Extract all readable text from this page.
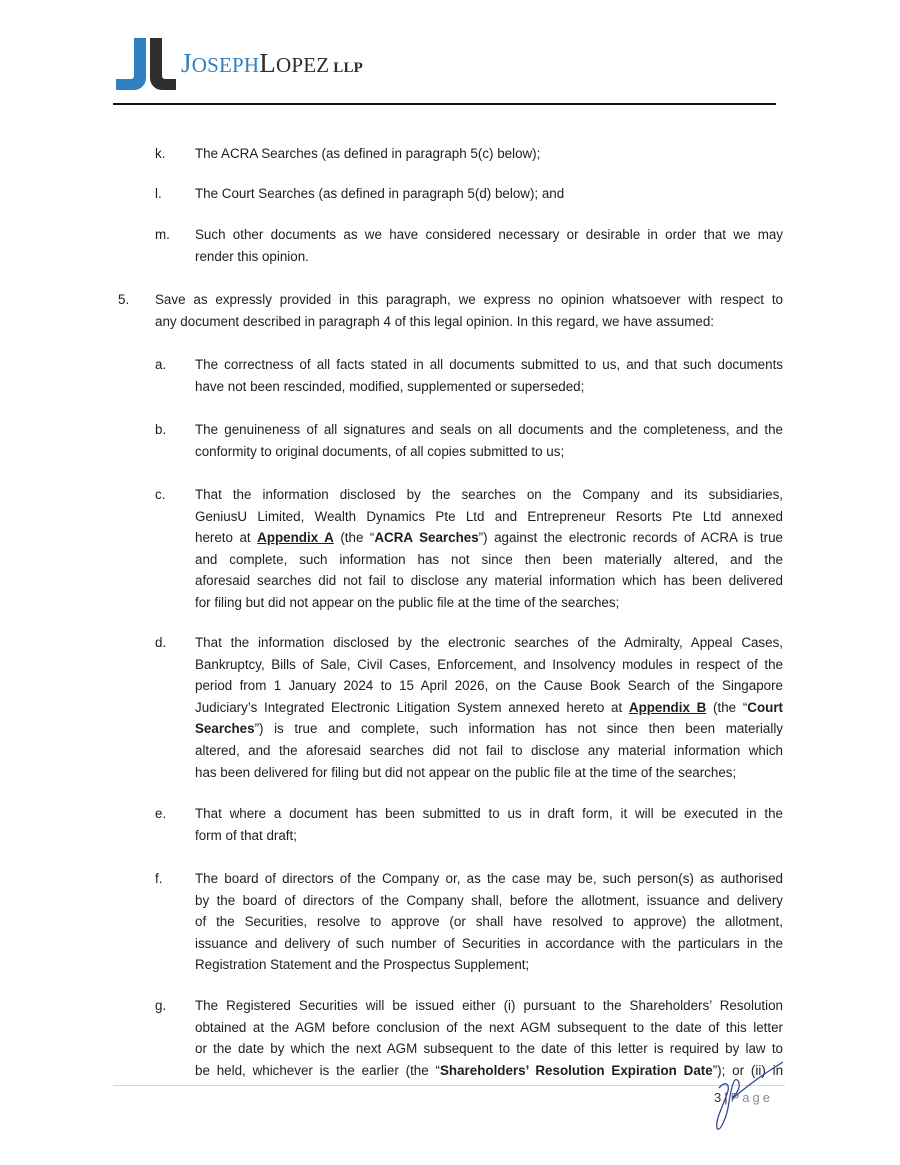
JOSEPHLOPEZ LLP
k. The ACRA Searches (as defined in paragraph 5(c) below);
l. The Court Searches (as defined in paragraph 5(d) below); and
m. Such other documents as we have considered necessary or desirable in order that we may
render this opinion.
5. Save as expressly provided in this paragraph, we express no opinion whatsoever with respect to
any document described in paragraph 4 of this legal opinion. In this regard, we have assumed:
a. The correctness of all facts stated in all documents submitted to us, and that such documents
have not been rescinded, modified, supplemented or superseded;
b. The genuineness of all signatures and seals on all documents and the completeness, and the
conformity to original documents, of all copies submitted to us;
c. That the information disclosed by the searches on the Company and its subsidiaries,
GeniusU Limited, Wealth Dynamics Pte Ltd and Entrepreneur Resorts Pte Ltd annexed
hereto at Appendix A (the “ACRA Searches”) against the electronic records of ACRA is true
and complete, such information has not since then been materially altered, and the
aforesaid searches did not fail to disclose any material information which has been delivered
for filing but did not appear on the public file at the time of the searches;
d. That the information disclosed by the electronic searches of the Admiralty, Appeal Cases,
Bankruptcy, Bills of Sale, Civil Cases, Enforcement, and Insolvency modules in respect of the
period from 1 January 2024 to 15 April 2026, on the Cause Book Search of the Singapore
Judiciary’s Integrated Electronic Litigation System annexed hereto at Appendix B (the “Court
Searches”) is true and complete, such information has not since then been materially
altered, and the aforesaid searches did not fail to disclose any material information which
has been delivered for filing but did not appear on the public file at the time of the searches;
e. That where a document has been submitted to us in draft form, it will be executed in the
form of that draft;
f. The board of directors of the Company or, as the case may be, such person(s) as authorised
by the board of directors of the Company shall, before the allotment, issuance and delivery
of the Securities, resolve to approve (or shall have resolved to approve) the allotment,
issuance and delivery of such number of Securities in accordance with the particulars in the
Registration Statement and the Prospectus Supplement;
g. The Registered Securities will be issued either (i) pursuant to the Shareholders’ Resolution
obtained at the AGM before conclusion of the next AGM subsequent to the date of this letter
or the date by which the next AGM subsequent to the date of this letter is required by law to
be held, whichever is the earlier (the “Shareholders’ Resolution Expiration Date”); or (ii) in
3 | Page
